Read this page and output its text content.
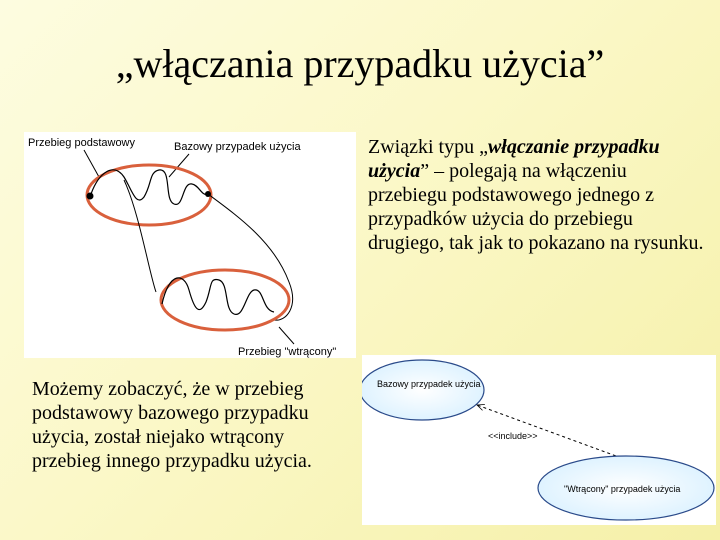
„włączania przypadku użycia”
Przebieg podstawowy	Bazowy przypadek użycia
Przebieg "wtrącony"
Związki typu „włączanie przypadku użycia” – polegają na włączeniu przebiegu podstawowego jednego z przypadków użycia do przebiegu drugiego, tak jak to pokazano na rysunku.
Możemy zobaczyć, że w przebieg podstawowy bazowego przypadku użycia, został niejako wtrącony przebieg innego przypadku użycia.
Bazowy przypadek użycia
<<include>>
"Wtrącony" przypadek użycia
